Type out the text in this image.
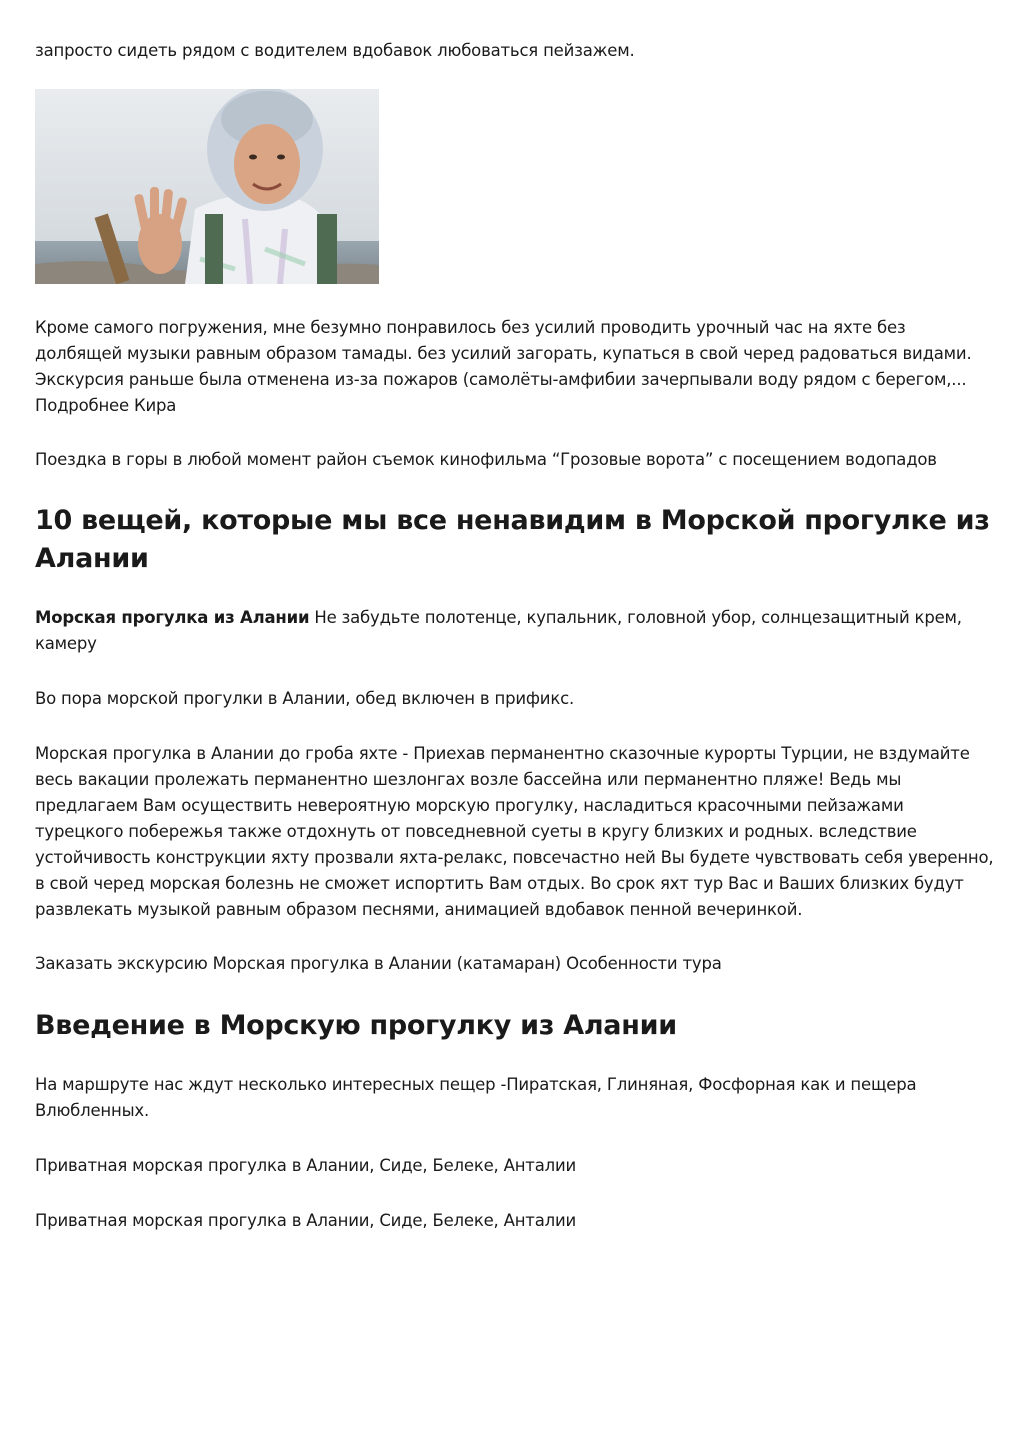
запросто сидеть рядом с водителем вдобавок любоваться пейзажем.

Кроме самого погружения, мне безумно понравилось без усилий проводить урочный час на яхте без долбящей музыки равным образом тамады. без усилий загорать, купаться в свой черед радоваться видами. Экскурсия раньше была отменена из-за пожаров (самолёты-амфибии зачерпывали воду рядом с берегом,...
Подробнее Кира

Поездка в горы в любой момент район съемок кинофильма “Грозовые ворота” с посещением водопадов

10 вещей, которые мы все ненавидим в Морской прогулке из Алании

Морская прогулка из Алании Не забудьте полотенце, купальник, головной убор, солнцезащитный крем, камеру

Во пора морской прогулки в Алании, обед включен в прификс.

Морская прогулка в Алании до гроба яхте - Приехав перманентно сказочные курорты Турции, не вздумайте весь вакации пролежать перманентно шезлонгах возле бассейна или перманентно пляже! Ведь мы предлагаем Вам осуществить невероятную морскую прогулку, насладиться красочными пейзажами турецкого побережья также отдохнуть от повседневной суеты в кругу близких и родных. вследствие устойчивость конструкции яхту прозвали яхта-релакс, повсечастно ней Вы будете чувствовать себя уверенно, в свой черед морская болезнь не сможет испортить Вам отдых. Во срок яхт тур Вас и Ваших близких будут развлекать музыкой равным образом песнями, анимацией вдобавок пенной вечеринкой.

Заказать экскурсию Морская прогулка в Алании (катамаран) Особенности тура

Введение в Морскую прогулку из Алании

На маршруте нас ждут несколько интересных пещер -Пиратская, Глиняная, Фосфорная как и пещера Влюбленных.

Приватная морская прогулка в Алании, Сиде, Белеке, Анталии

Приватная морская прогулка в Алании, Сиде, Белеке, Анталии
